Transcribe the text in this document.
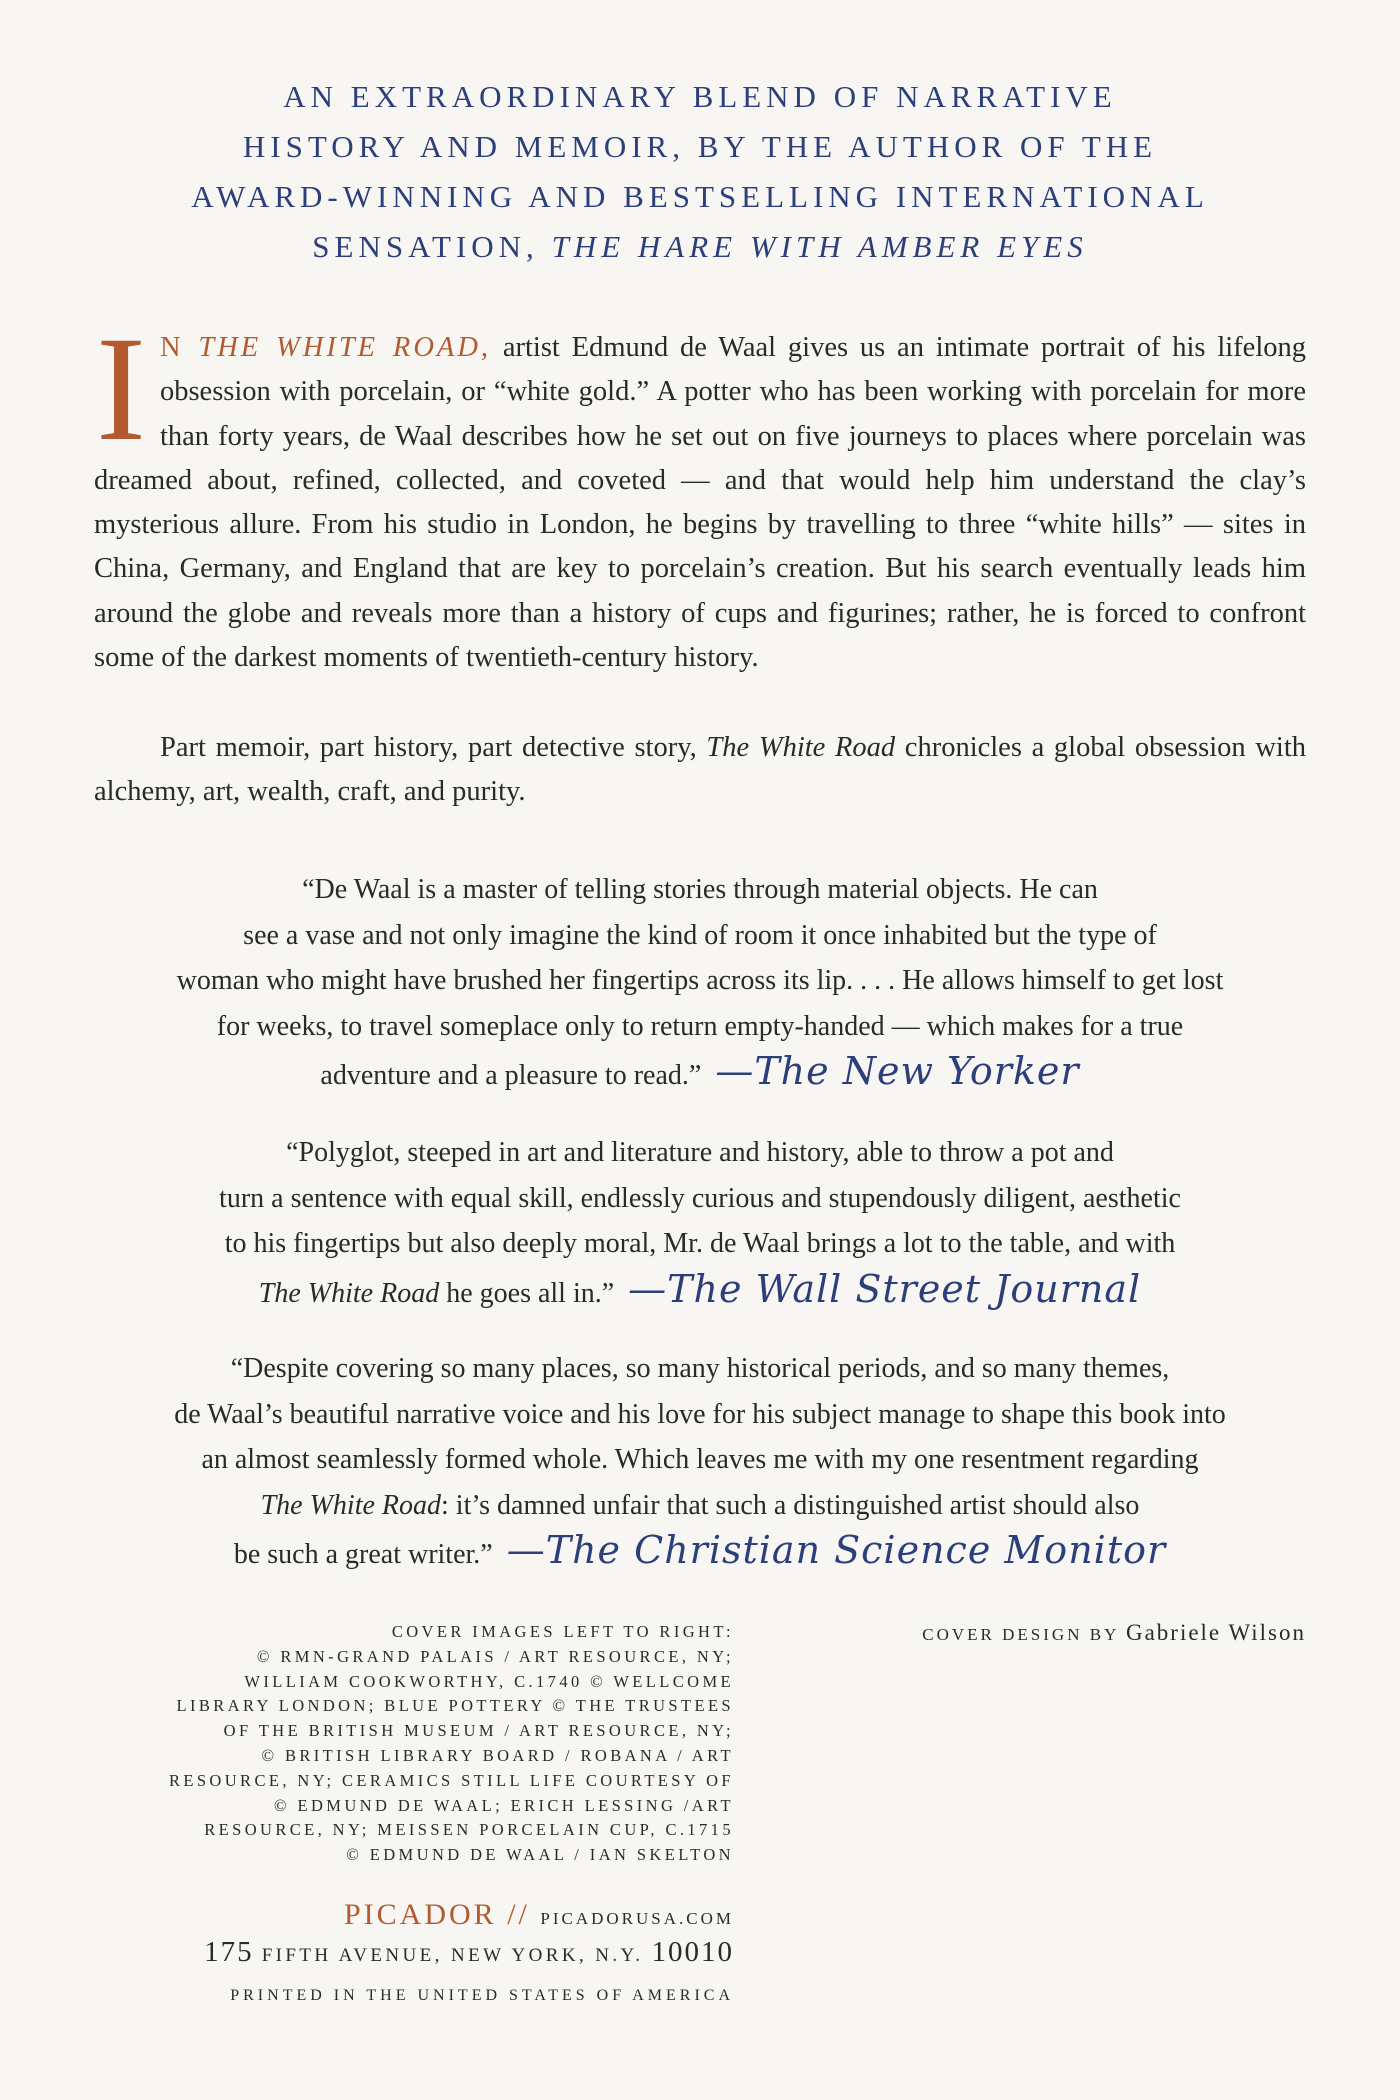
AN EXTRAORDINARY BLEND OF NARRATIVE
HISTORY AND MEMOIR, BY THE AUTHOR OF THE
AWARD-WINNING AND BESTSELLING INTERNATIONAL
SENSATION, THE HARE WITH AMBER EYES

IN THE WHITE ROAD, artist Edmund de Waal gives us an intimate portrait of his lifelong obsession with porcelain, or “white gold.” A potter who has been working with porcelain for more than forty years, de Waal describes how he set out on five journeys to places where porcelain was dreamed about, refined, collected, and coveted — and that would help him understand the clay’s mysterious allure. From his studio in London, he begins by travelling to three “white hills” — sites in China, Germany, and England that are key to porcelain’s creation. But his search eventually leads him around the globe and reveals more than a history of cups and figurines; rather, he is forced to confront some of the darkest moments of twentieth-century history.

Part memoir, part history, part detective story, The White Road chronicles a global obsession with alchemy, art, wealth, craft, and purity.

“De Waal is a master of telling stories through material objects. He can
see a vase and not only imagine the kind of room it once inhabited but the type of
woman who might have brushed her fingertips across its lip. . . . He allows himself to get lost
for weeks, to travel someplace only to return empty-handed — which makes for a true
adventure and a pleasure to read.” —The New Yorker
“Polyglot, steeped in art and literature and history, able to throw a pot and
turn a sentence with equal skill, endlessly curious and stupendously diligent, aesthetic
to his fingertips but also deeply moral, Mr. de Waal brings a lot to the table, and with
The White Road he goes all in.” —The Wall Street Journal
“Despite covering so many places, so many historical periods, and so many themes,
de Waal’s beautiful narrative voice and his love for his subject manage to shape this book into
an almost seamlessly formed whole. Which leaves me with my one resentment regarding
The White Road: it’s damned unfair that such a distinguished artist should also
be such a great writer.” —The Christian Science Monitor
COVER IMAGES LEFT TO RIGHT:
© RMN-GRAND PALAIS / ART RESOURCE, NY;
WILLIAM COOKWORTHY, C.1740 © WELLCOME
LIBRARY LONDON; BLUE POTTERY © THE TRUSTEES
OF THE BRITISH MUSEUM / ART RESOURCE, NY;
© BRITISH LIBRARY BOARD / ROBANA / ART
RESOURCE, NY; CERAMICS STILL LIFE COURTESY OF
© EDMUND DE WAAL; ERICH LESSING /ART
RESOURCE, NY; MEISSEN PORCELAIN CUP, C.1715
© EDMUND DE WAAL / IAN SKELTON
COVER DESIGN BY Gabriele Wilson
PICADOR // PICADORUSA.COM
175 FIFTH AVENUE, NEW YORK, N.Y. 10010
PRINTED IN THE UNITED STATES OF AMERICA
